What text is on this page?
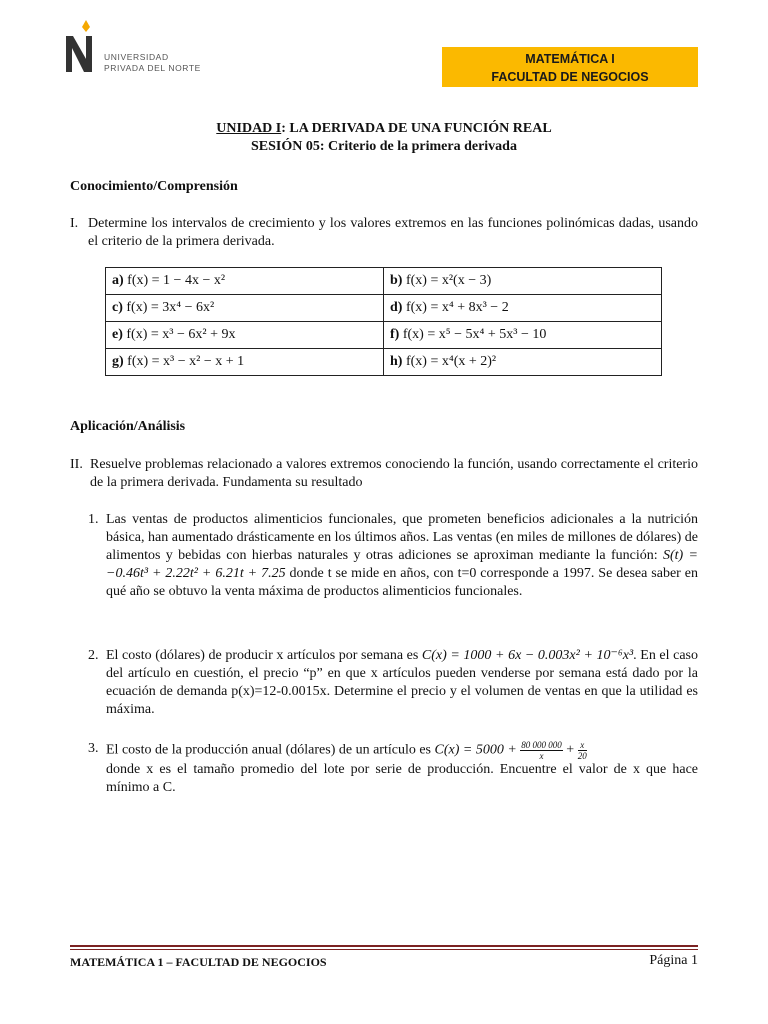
UNIVERSIDAD
PRIVADA DEL NORTE
MATEMÁTICA I
FACULTAD DE NEGOCIOS
UNIDAD I: LA DERIVADA DE UNA FUNCIÓN REAL
SESIÓN 05: Criterio de la primera derivada
Conocimiento/Comprensión
I. Determine los intervalos de crecimiento y los valores extremos en las funciones polinómicas dadas, usando el criterio de la primera derivada.
a) f(x) = 1 − 4x − x²	b) f(x) = x²(x − 3)
c) f(x) = 3x⁴ − 6x²	d) f(x) = x⁴ + 8x³ − 2
e) f(x) = x³ − 6x² + 9x	f) f(x) = x⁵ − 5x⁴ + 5x³ − 10
g) f(x) = x³ − x² − x + 1	h) f(x) = x⁴(x + 2)²
Aplicación/Análisis
II. Resuelve problemas relacionado a valores extremos conociendo la función, usando correctamente el criterio de la primera derivada. Fundamenta su resultado
1. Las ventas de productos alimenticios funcionales, que prometen beneficios adicionales a la nutrición básica, han aumentado drásticamente en los últimos años. Las ventas (en miles de millones de dólares) de alimentos y bebidas con hierbas naturales y otras adiciones se aproximan mediante la función: S(t) = −0.46t³ + 2.22t² + 6.21t + 7.25 donde t se mide en años, con t=0 corresponde a 1997. Se desea saber en qué año se obtuvo la venta máxima de productos alimenticios funcionales.
2. El costo (dólares) de producir x artículos por semana es C(x) = 1000 + 6x − 0.003x² + 10⁻⁶x³. En el caso del artículo en cuestión, el precio “p” en que x artículos pueden venderse por semana está dado por la ecuación de demanda p(x)=12-0.0015x. Determine el precio y el volumen de ventas en que la utilidad es máxima.
3. El costo de la producción anual (dólares) de un artículo es $C(x) = 5000 + \frac{80 000 000}{x} + \frac{x}{20}$

donde x es el tamaño promedio del lote por serie de producción. Encuentre el valor de x que hace mínimo a C.
MATEMÁTICA 1 – FACULTAD DE NEGOCIOS	Página 1
